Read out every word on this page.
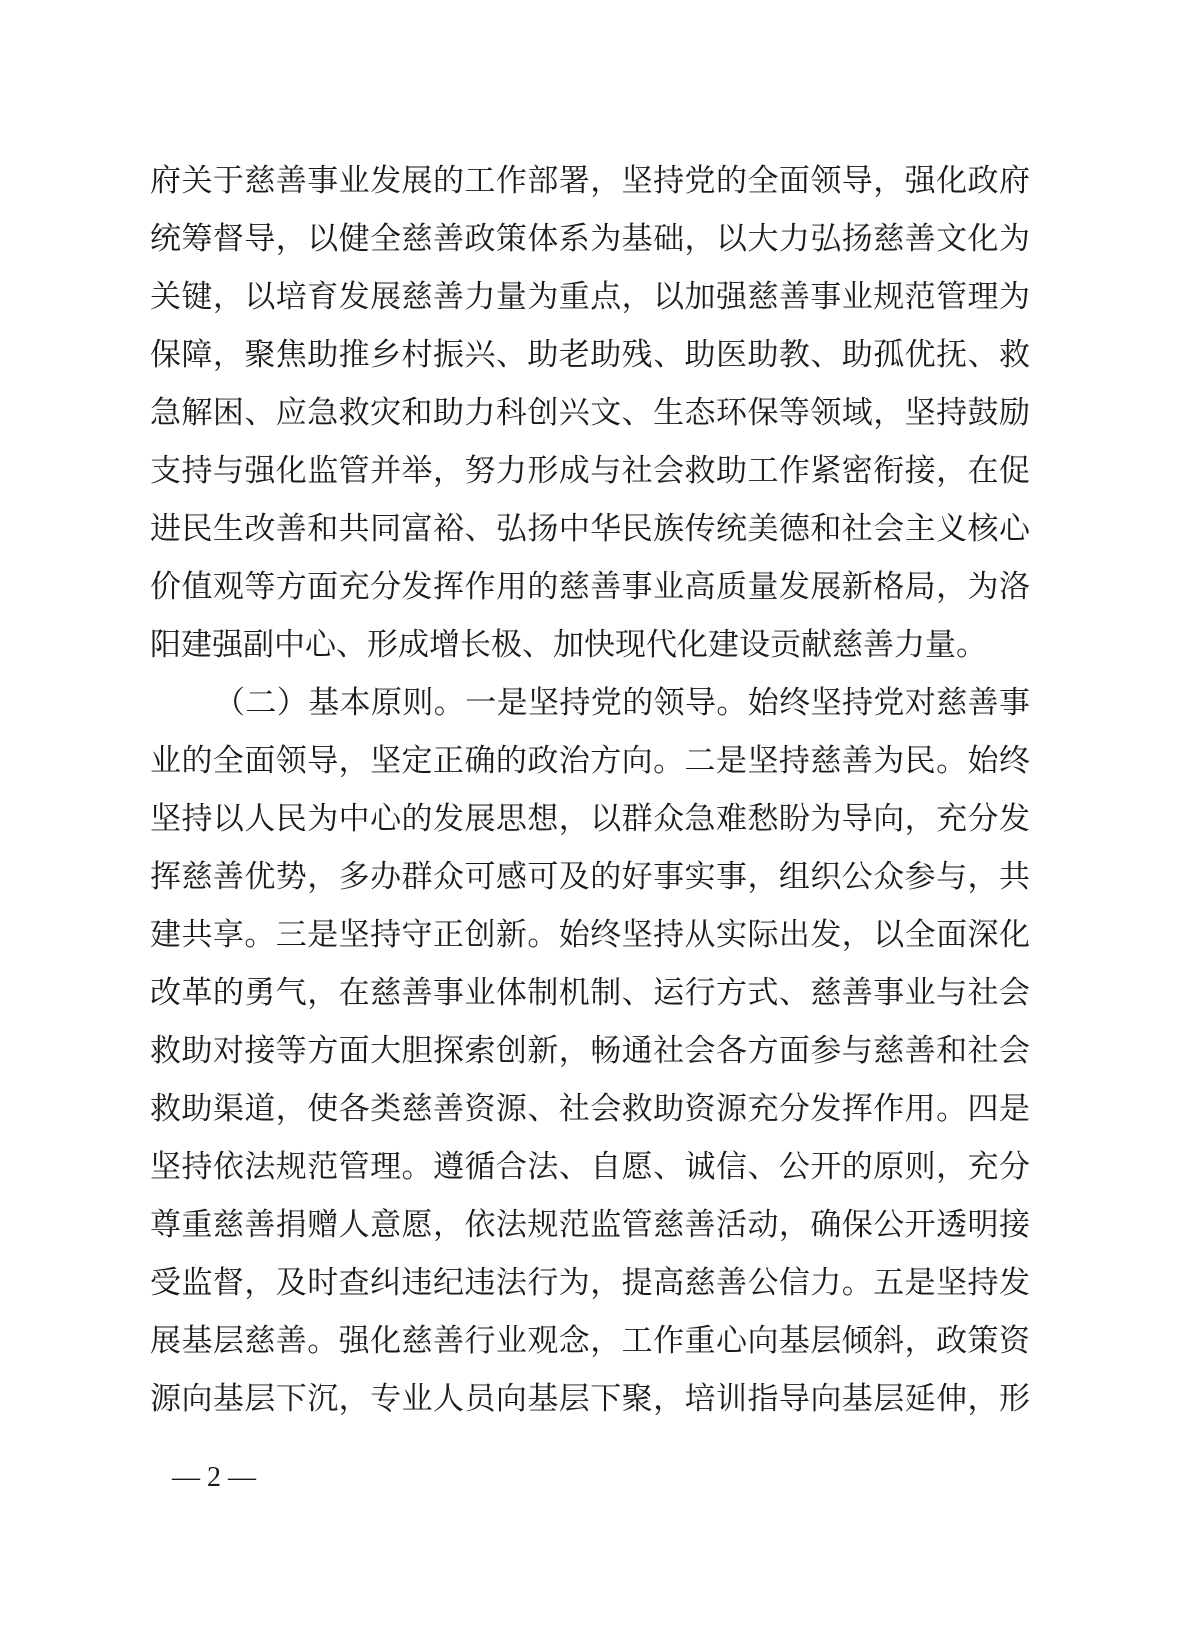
府关于慈善事业发展的工作部署，坚持党的全面领导，强化政府
统筹督导，以健全慈善政策体系为基础，以大力弘扬慈善文化为
关键，以培育发展慈善力量为重点，以加强慈善事业规范管理为
保障，聚焦助推乡村振兴、助老助残、助医助教、助孤优抚、救
急解困、应急救灾和助力科创兴文、生态环保等领域，坚持鼓励
支持与强化监管并举，努力形成与社会救助工作紧密衔接，在促
进民生改善和共同富裕、弘扬中华民族传统美德和社会主义核心
价值观等方面充分发挥作用的慈善事业高质量发展新格局，为洛
阳建强副中心、形成增长极、加快现代化建设贡献慈善力量。
（二）基本原则。一是坚持党的领导。始终坚持党对慈善事
业的全面领导，坚定正确的政治方向。二是坚持慈善为民。始终
坚持以人民为中心的发展思想，以群众急难愁盼为导向，充分发
挥慈善优势，多办群众可感可及的好事实事，组织公众参与，共
建共享。三是坚持守正创新。始终坚持从实际出发，以全面深化
改革的勇气，在慈善事业体制机制、运行方式、慈善事业与社会
救助对接等方面大胆探索创新，畅通社会各方面参与慈善和社会
救助渠道，使各类慈善资源、社会救助资源充分发挥作用。四是
坚持依法规范管理。遵循合法、自愿、诚信、公开的原则，充分
尊重慈善捐赠人意愿，依法规范监管慈善活动，确保公开透明接
受监督，及时查纠违纪违法行为，提高慈善公信力。五是坚持发
展基层慈善。强化慈善行业观念，工作重心向基层倾斜，政策资
源向基层下沉，专业人员向基层下聚，培训指导向基层延伸，形
— 2 —
